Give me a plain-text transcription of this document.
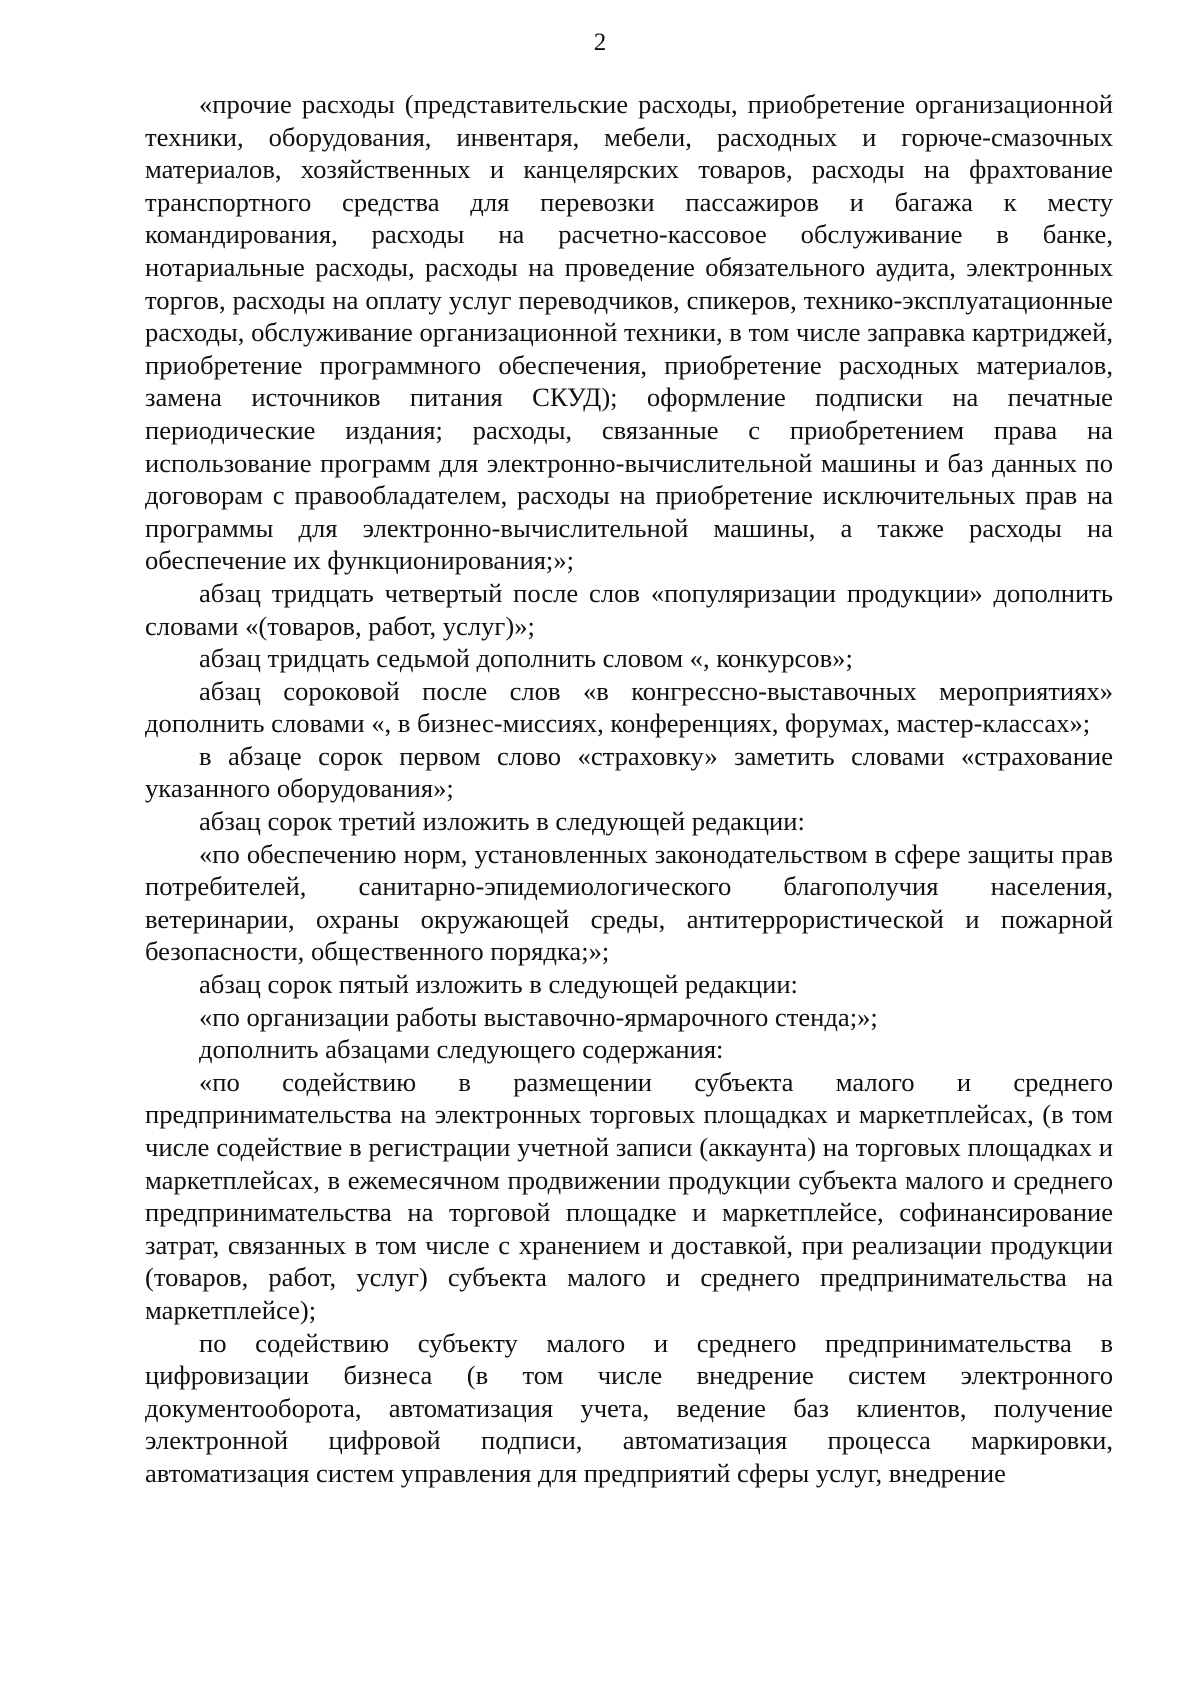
2

«прочие расходы (представительские расходы, приобретение организационной техники, оборудования, инвентаря, мебели, расходных и горюче-смазочных материалов, хозяйственных и канцелярских товаров, расходы на фрахтование транспортного средства для перевозки пассажиров и багажа к месту командирования, расходы на расчетно-кассовое обслуживание в банке, нотариальные расходы, расходы на проведение обязательного аудита, электронных торгов, расходы на оплату услуг переводчиков, спикеров, технико-эксплуатационные расходы, обслуживание организационной техники, в том числе заправка картриджей, приобретение программного обеспечения, приобретение расходных материалов, замена источников питания СКУД); оформление подписки на печатные периодические издания; расходы, связанные с приобретением права на использование программ для электронно-вычислительной машины и баз данных по договорам с правообладателем, расходы на приобретение исключительных прав на программы для электронно-вычислительной машины, а также расходы на обеспечение их функционирования;»;

абзац тридцать четвертый после слов «популяризации продукции» дополнить словами «(товаров, работ, услуг)»;

абзац тридцать седьмой дополнить словом «, конкурсов»;

абзац сороковой после слов «в конгрессно-выставочных мероприятиях» дополнить словами «, в бизнес-миссиях, конференциях, форумах, мастер-классах»;

в абзаце сорок первом слово «страховку» заметить словами «страхование указанного оборудования»;

абзац сорок третий изложить в следующей редакции:

«по обеспечению норм, установленных законодательством в сфере защиты прав потребителей, санитарно-эпидемиологического благополучия населения, ветеринарии, охраны окружающей среды, антитеррористической и пожарной безопасности, общественного порядка;»;

абзац сорок пятый изложить в следующей редакции:

«по организации работы выставочно-ярмарочного стенда;»;

дополнить абзацами следующего содержания:

«по содействию в размещении субъекта малого и среднего предпринимательства на электронных торговых площадках и маркетплейсах, (в том числе содействие в регистрации учетной записи (аккаунта) на торговых площадках и маркетплейсах, в ежемесячном продвижении продукции субъекта малого и среднего предпринимательства на торговой площадке и маркетплейсе, софинансирование затрат, связанных в том числе с хранением и доставкой, при реализации продукции (товаров, работ, услуг) субъекта малого и среднего предпринимательства на маркетплейсе);

по содействию субъекту малого и среднего предпринимательства в цифровизации бизнеса (в том числе внедрение систем электронного документооборота, автоматизация учета, ведение баз клиентов, получение электронной цифровой подписи, автоматизация процесса маркировки, автоматизация систем управления для предприятий сферы услуг, внедрение
